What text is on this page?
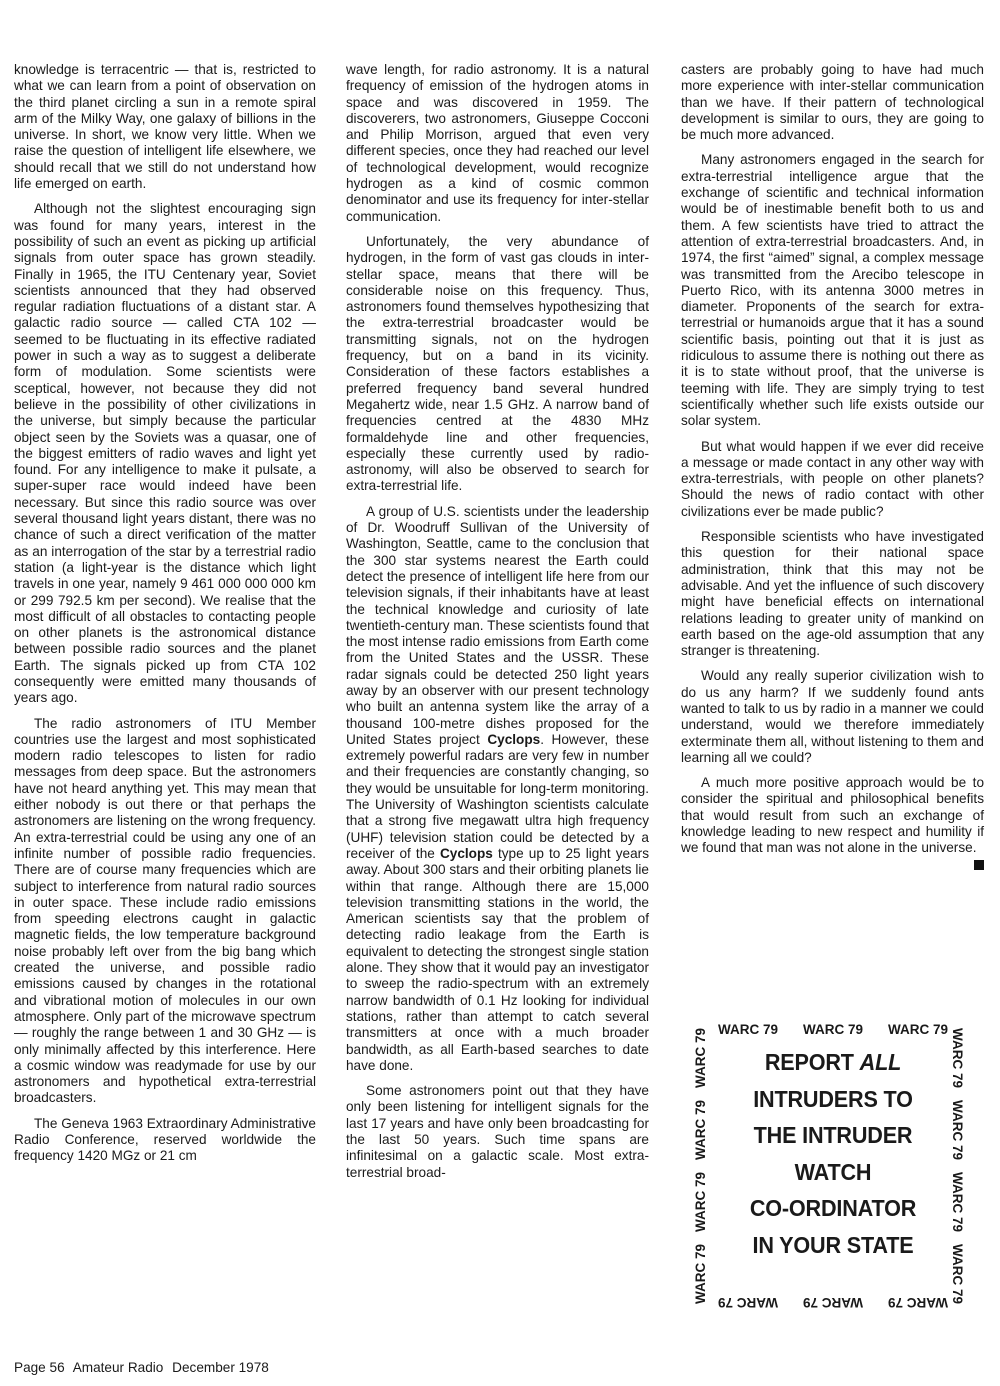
knowledge is terracentric — that is, restricted to what we can learn from a point of observation on the third planet circling a sun in a remote spiral arm of the Milky Way, one galaxy of billions in the universe. In short, we know very little. When we raise the question of intelligent life elsewhere, we should recall that we still do not understand how life emerged on earth.

Although not the slightest encouraging sign was found for many years, interest in the possibility of such an event as picking up artificial signals from outer space has grown steadily. Finally in 1965, the ITU Centenary year, Soviet scientists announced that they had observed regular radiation fluctuations of a distant star. A galactic radio source — called CTA 102 — seemed to be fluctuating in its effective radiated power in such a way as to suggest a deliberate form of modulation. Some scientists were sceptical, however, not because they did not believe in the possibility of other civilizations in the universe, but simply because the particular object seen by the Soviets was a quasar, one of the biggest emitters of radio waves and light yet found. For any intelligence to make it pulsate, a super-super race would indeed have been necessary. But since this radio source was over several thousand light years distant, there was no chance of such a direct verification of the matter as an interrogation of the star by a terrestrial radio station (a light-year is the distance which light travels in one year, namely 9 461 000 000 000 km or 299 792.5 km per second). We realise that the most difficult of all obstacles to contacting people on other planets is the astronomical distance between possible radio sources and the planet Earth. The signals picked up from CTA 102 consequently were emitted many thousands of years ago.

The radio astronomers of ITU Member countries use the largest and most sophisticated modern radio telescopes to listen for radio messages from deep space. But the astronomers have not heard anything yet. This may mean that either nobody is out there or that perhaps the astronomers are listening on the wrong frequency. An extra-terrestrial could be using any one of an infinite number of possible radio frequencies. There are of course many frequencies which are subject to interference from natural radio sources in outer space. These include radio emissions from speeding electrons caught in galactic magnetic fields, the low temperature background noise probably left over from the big bang which created the universe, and possible radio emissions caused by changes in the rotational and vibrational motion of molecules in our own atmosphere. Only part of the microwave spectrum — roughly the range between 1 and 30 GHz — is only minimally affected by this interference. Here a cosmic window was readymade for use by our astronomers and hypothetical extra-terrestrial broadcasters.

The Geneva 1963 Extraordinary Administrative Radio Conference, reserved worldwide the frequency 1420 MGz or 21 cm

wave length, for radio astronomy. It is a natural frequency of emission of the hydrogen atoms in space and was discovered in 1959. The discoverers, two astronomers, Giuseppe Cocconi and Philip Morrison, argued that even very different species, once they had reached our level of technological development, would recognize hydrogen as a kind of cosmic common denominator and use its frequency for inter-stellar communication.

Unfortunately, the very abundance of hydrogen, in the form of vast gas clouds in inter-stellar space, means that there will be considerable noise on this frequency. Thus, astronomers found themselves hypothesizing that the extra-terrestrial broadcaster would be transmitting signals, not on the hydrogen frequency, but on a band in its vicinity. Consideration of these factors establishes a preferred frequency band several hundred Megahertz wide, near 1.5 GHz. A narrow band of frequencies centred at the 4830 MHz formaldehyde line and other frequencies, especially these currently used by radio-astronomy, will also be observed to search for extra-terrestrial life.

A group of U.S. scientists under the leadership of Dr. Woodruff Sullivan of the University of Washington, Seattle, came to the conclusion that the 300 star systems nearest the Earth could detect the presence of intelligent life here from our television signals, if their inhabitants have at least the technical knowledge and curiosity of late twentieth-century man. These scientists found that the most intense radio emissions from Earth come from the United States and the USSR. These radar signals could be detected 250 light years away by an observer with our present technology who built an antenna system like the array of a thousand 100-metre dishes proposed for the United States project Cyclops. However, these extremely powerful radars are very few in number and their frequencies are constantly changing, so they would be unsuitable for long-term monitoring. The University of Washington scientists calculate that a strong five megawatt ultra high frequency (UHF) television station could be detected by a receiver of the Cyclops type up to 25 light years away. About 300 stars and their orbiting planets lie within that range. Although there are 15,000 television transmitting stations in the world, the American scientists say that the problem of detecting radio leakage from the Earth is equivalent to detecting the strongest single station alone. They show that it would pay an investigator to sweep the radio-spectrum with an extremely narrow bandwidth of 0.1 Hz looking for individual stations, rather than attempt to catch several transmitters at once with a much broader bandwidth, as all Earth-based searches to date have done.

Some astronomers point out that they have only been listening for intelligent signals for the last 17 years and have only been broadcasting for the last 50 years. Such time spans are infinitesimal on a galactic scale. Most extra-terrestrial broad-

casters are probably going to have had much more experience with inter-stellar communication than we have. If their pattern of technological development is similar to ours, they are going to be much more advanced.

Many astronomers engaged in the search for extra-terrestrial intelligence argue that the exchange of scientific and technical information would be of inestimable benefit both to us and them. A few scientists have tried to attract the attention of extra-terrestrial broadcasters. And, in 1974, the first “aimed” signal, a complex message was transmitted from the Arecibo telescope in Puerto Rico, with its antenna 3000 metres in diameter. Proponents of the search for extra-terrestrial or humanoids argue that it has a sound scientific basis, pointing out that it is just as ridiculous to assume there is nothing out there as it is to state without proof, that the universe is teeming with life. They are simply trying to test scientifically whether such life exists outside our solar system.

But what would happen if we ever did receive a message or made contact in any other way with extra-terrestrials, with people on other planets? Should the news of radio contact with other civilizations ever be made public?

Responsible scientists who have investigated this question for their national space administration, think that this may not be advisable. And yet the influence of such discovery might have beneficial effects on international relations leading to greater unity of mankind on earth based on the age-old assumption that any stranger is threatening.

Would any really superior civilization wish to do us any harm? If we suddenly found ants wanted to talk to us by radio in a manner we could understand, would we therefore immediately exterminate them all, without listening to them and learning all we could?

A much more positive approach would be to consider the spiritual and philosophical benefits that would result from such an exchange of knowledge leading to new respect and humility if we found that man was not alone in the universe.

WARC 79 WARC 79 WARC 79
WARC 79
WARC 79
WARC 79
WARC 79	WARC 79
WARC 79
WARC 79
WARC 79
WARC 79
WARC 79
WARC 79
REPORT ALL
INTRUDERS TO
THE INTRUDER
WATCH
CO-ORDINATOR
IN YOUR STATE
Page 56 Amateur Radio December 1978
